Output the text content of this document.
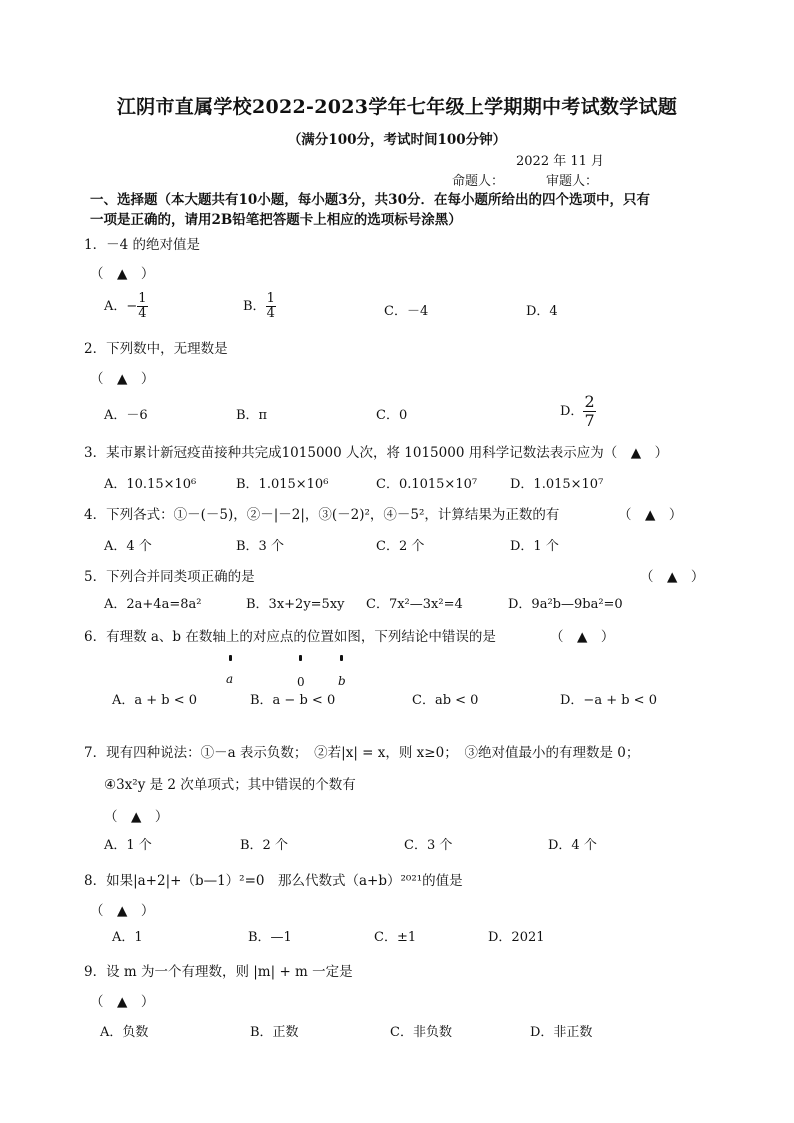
江阴市直属学校2022-2023学年七年级上学期期中考试数学试题
（满分100分，考试时间100分钟）
2022 年 11 月
命题人：	审题人：
一、选择题（本大题共有10小题，每小题3分，共30分．在每小题所给出的四个选项中，只有
一项是正确的，请用2B铅笔把答题卡上相应的选项标号涂黑）
1．－4 的绝对值是
（　▲　）
A．− $\frac{1}{4}$	B． $\frac{1}{4}$	C．－4	D．4
2．下列数中，无理数是
（　▲　）
A．－6	B．π	C．0	D． $\frac{2}{7}$
3．某市累计新冠疫苗接种共完成1015000 人次，将 1015000 用科学记数法表示应为（　▲　）
A．10.15×10⁶	B．1.015×10⁶	C．0.1015×10⁷	D．1.015×10⁷
4．下列各式：①－(－5)，②－|－2|，③(－2)²，④－5²，计算结果为正数的有	（　▲　）
A．4 个	B．3 个	C．2 个	D．1 个
5．下列合并同类项正确的是	（　▲　）
A．2a+4a=8a²	B．3x+2y=5xy C．7x²—3x²=4	D．9a²b—9ba²=0
6．有理数 a、b 在数轴上的对应点的位置如图，下列结论中错误的是	（　▲　）
a	0	b
A．a + b < 0	B．a − b < 0	C．ab < 0	D．−a + b < 0
7．现有四种说法：①－a 表示负数；　②若|x| = x，则 x≥0；　③绝对值最小的有理数是 0；
④3x²y 是 2 次单项式；其中错误的个数有
（　▲　）
A．1 个	B．2 个	C．3 个	D．4 个
8．如果|a+2|+（b—1）²=0　那么代数式（a+b）²⁰²¹的值是
（　▲　）
A．1	B．—1	C．±1	D．2021
9．设 m 为一个有理数，则 |m| + m 一定是
（　▲　）
A．负数	B．正数	C．非负数	D．非正数
